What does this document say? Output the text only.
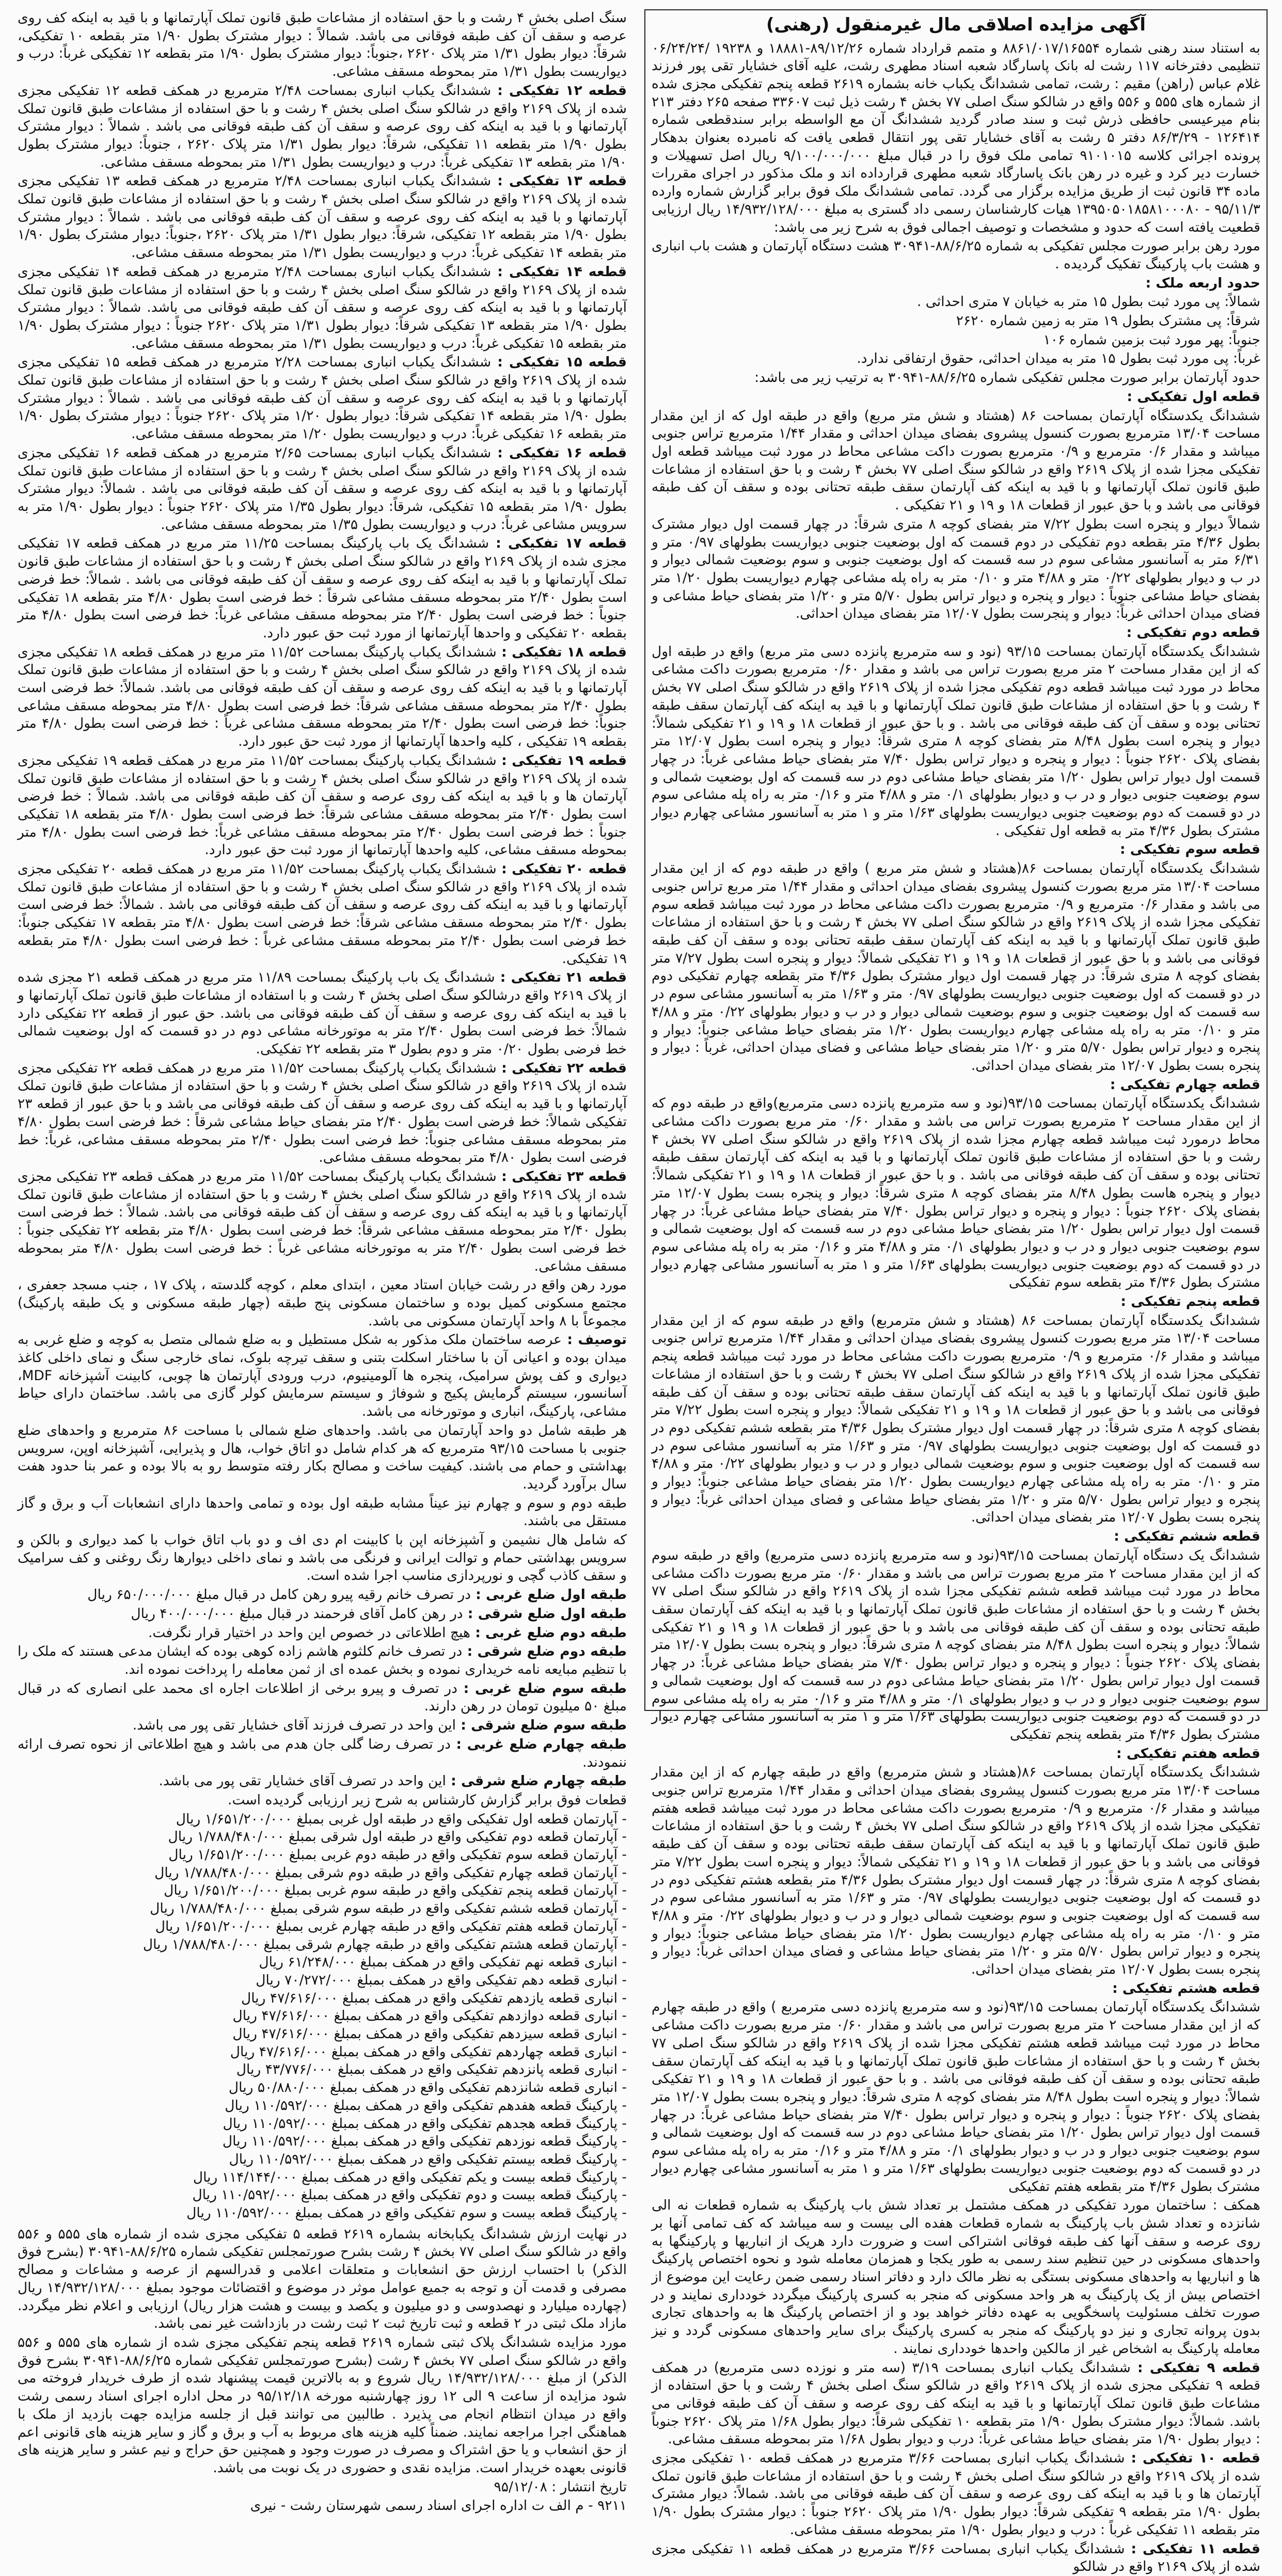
آگهی مزایده اصلاقی مال غیرمنقول (رهنی)

به استناد سند رهنی شماره ۸۸۶۱/۰۱۷/۱۶۵۵۴ و متمم قرارداد شماره ۸۹/۱۲/۲۶-۱۸۸۸۱ و ۱۹۲۳۸ /۰۶/۲۴/۲۴ تنظیمی دفترخانه ۱۱۷ رشت له بانک پاسارگاد شعبه اسناد مطهری رشت، علیه آقای خشایار تقی پور فرزند غلام عباس (راهن) مقیم : رشت، تمامی ششدانگ یکباب خانه بشماره ۲۶۱۹ قطعه پنجم تفکیکی مجزی شده از شماره های ۵۵۵ و ۵۵۶ واقع در شالکو سنگ اصلی ۷۷ بخش ۴ رشت ذیل ثبت ۳۳۶۰۷ صفحه ۲۶۵ دفتر ۲۱۳ بنام میرعیسی حافظی ذرش ثبت و سند صادر گردید ششدانگ آن مع الواسطه برابر سندقطعی شماره ۱۲۶۴۱۴ - ۸۶/۳/۲۹ دفتر ۵ رشت به آقای خشایار تقی پور انتقال قطعی یافت که نامبرده بعنوان بدهکار پرونده اجرائی کلاسه ۹۱۰۱۰۱۵ تمامی ملک فوق را در قبال مبلغ ۹/۱۰۰/۰۰۰/۰۰۰ ریال اصل تسهیلات و خسارت دیر کرد و غیره در رهن بانک پاسارگاد شعبه مطهری قرارداده اند و ملک مذکور در اجرای مقررات ماده ۳۴ قانون ثبت از طریق مزایده برگزار می گردد. تمامی ششدانگ ملک فوق برابر گزارش شماره وارده ۹۵/۱۱/۳ - ۱۳۹۵۰۵۰۱۸۵۸۱۰۰۰۸۰ هیات کارشناسان رسمی داد گستری به مبلغ ۱۴/۹۳۲/۱۲۸/۰۰۰ ریال ارزیابی قطعیت یافته است که حدود و مشخصات و توصیف اجمالی فوق به شرح زیر می باشد:

مورد رهن برابر صورت مجلس تفکیکی به شماره ۸۸/۶/۲۵-۳۰۹۴۱ هشت دستگاه آپارتمان و هشت باب انباری و هشت باب پارکینگ تفکیک گردیده .

حدود اربعه ملک :

شمالاً: پی مورد ثبت بطول ۱۵ متر به خیابان ۷ متری احداثی .

شرقاً: پی مشترک بطول ۱۹ متر به زمین شماره ۲۶۲۰

جنوباً: پهر مورد ثبت بزمین شماره ۱۰۶

غرباً: پی مورد ثبت بطول ۱۵ متر به میدان احداثی، حقوق ارتفاقی ندارد.

حدود آپارتمان برابر صورت مجلس تفکیکی شماره ۸۸/۶/۲۵-۳۰۹۴۱ به ترتیب زیر می باشد:

قطعه اول تفکیکی :

ششدانگ یکدستگاه آپارتمان بمساحت ۸۶ (هشتاد و شش متر مربع) واقع در طبقه اول که از این مقدار مساحت ۱۳/۰۴ مترمربع بصورت کنسول پیشروی بفضای میدان احداثی و مقدار ۱/۴۴ مترمربع تراس جنوبی میباشد و مقدار ۰/۶ مترمربع و ۰/۹ مترمربع بصورت داکت مشاعی محاط در مورد ثبت میباشد قطعه اول تفکیکی مجزا شده از پلاک ۲۶۱۹ واقع در شالکو سنگ اصلی ۷۷ بخش ۴ رشت و با حق استفاده از مشاعات طبق قانون تملک آپارتمانها و با قید به اینکه کف آپارتمان سقف طبقه تحتانی بوده و سقف آن کف طبقه فوقانی می باشد و با حق عبور از قطعات ۱۸ و ۱۹ و ۲۱ تفکیکی .

شمالاً دیوار و پنجره است بطول ۷/۲۲ متر بفضای کوچه ۸ متری شرقاً: در چهار قسمت اول دیوار مشترک بطول ۴/۳۶ متر بقطعه دوم تفکیکی در دوم قسمت که اول بوضعیت جنوبی دیواریست بطولهای ۰/۹۷ متر و ۶/۳۱ متر به آسانسور مشاعی سوم در سه قسمت که اول بوضعیت جنوبی و سوم بوضعیت شمالی دیوار و در ب و دیوار بطولهای ۰/۲۲ متر و ۴/۸۸ متر و ۰/۱۰ متر به راه پله مشاعی چهارم دیواریست بطول ۱/۲۰ متر بفضای حیاط مشاعی جنوباً : دیوار و پنجره و دیوار تراس بطول ۵/۷۰ متر و ۱/۲۰ متر بفضای حیاط مشاعی و فضای میدان احداثی غرباً: دیوار و پنجرست بطول ۱۲/۰۷ متر بفضای میدان احداثی.

قطعه دوم تفکیکی :

ششدانگ یکدستگاه آپارتمان بمساحت ۹۳/۱۵ (نود و سه مترمربع پانزده دسی متر مربع) واقع در طبقه اول که از این مقدار مساحت ۲ متر مربع بصورت تراس می باشد و مقدار ۰/۶۰ مترمربع بصورت داکت مشاعی محاط در مورد ثبت میباشد قطعه دوم تفکیکی مجزا شده از پلاک ۲۶۱۹ واقع در شالکو سنگ اصلی ۷۷ بخش ۴ رشت و با حق استفاده از مشاعات طبق قانون تملک آپارتمانها و با قید به اینکه کف آپارتمان سقف طبقه تحتانی بوده و سقف آن کف طبقه فوقانی می باشد . و با حق عبور از قطعات ۱۸ و ۱۹ و ۲۱ تفکیکی شمالاً: دیوار و پنجره است بطول ۸/۴۸ متر بفضای کوچه ۸ متری شرقاً: دیوار و پنجره است بطول ۱۲/۰۷ متر بفضای پلاک ۲۶۲۰ جنوباً : دیوار و پنجره و دیوار تراس بطول ۷/۴۰ متر بفضای حیاط مشاعی غرباً: در چهار قسمت اول دیوار تراس بطول ۱/۲۰ متر بفضای حیاط مشاعی دوم در سه قسمت که اول بوضعیت شمالی و سوم بوضعیت جنوبی دیوار و در ب و دیوار بطولهای ۰/۱ متر و ۴/۸۸ متر و ۰/۱۶ متر به راه پله مشاعی سوم در دو قسمت که دوم بوضعیت جنوبی دیواریست بطولهای ۱/۶۳ متر و ۱ متر به آسانسور مشاعی چهارم دیوار مشترک بطول ۴/۳۶ متر به قطعه اول تفکیکی .

قطعه سوم تفکیکی :

ششدانگ یکدستگاه آپارتمان بمساحت ۸۶(هشتاد و شش متر مربع ) واقع در طبقه دوم که از این مقدار مساحت ۱۳/۰۴ متر مربع بصورت کنسول پیشروی بفضای میدان احداثی و مقدار ۱/۴۴ متر مربع تراس جنوبی می باشد و مقدار ۰/۶ مترمربع و ۰/۹ مترمربع بصورت داکت مشاعی محاط در مورد ثبت میباشد قطعه سوم تفکیکی مجزا شده از پلاک ۲۶۱۹ واقع در شالکو سنگ اصلی ۷۷ بخش ۴ رشت و با حق استفاده از مشاعات طبق قانون تملک آپارتمانها و با قید به اینکه کف آپارتمان سقف طبقه تحتانی بوده و سقف آن کف طبقه فوقانی می باشد و با حق عبور از قطعات ۱۸ و ۱۹ و ۲۱ تفکیکی شمالاً: دیوار و پنجره است بطول ۷/۲۷ متر بفضای کوچه ۸ متری شرقاً: در چهار قسمت اول دیوار مشترک بطول ۴/۳۶ متر بقطعه چهارم تفکیکی دوم در دو قسمت که اول بوضعیت جنوبی دیواریست بطولهای ۰/۹۷ متر و ۱/۶۳ متر به آسانسور مشاعی سوم در سه قسمت که اول بوضعیت جنوبی و سوم بوضعیت شمالی دیوار و در ب و دیوار بطولهای ۰/۲۲ متر و ۴/۸۸ متر و ۰/۱۰ متر به راه پله مشاعی چهارم دیواریست بطول ۱/۲۰ متر بفضای حیاط مشاعی جنوباً: دیوار و پنجره و دیوار تراس بطول ۵/۷۰ متر و ۱/۲۰ متر بفضای حیاط مشاعی و فضای میدان احداثی، غرباً : دیوار و پنجره بست بطول ۱۲/۰۷ متر بفضای میدان احداثی.

قطعه چهارم تفکیکی :

ششدانگ یکدستگاه آپارتمان بمساحت ۹۳/۱۵(نود و سه مترمربع پانزده دسی مترمربع)واقع در طبقه دوم که از این مقدار مساحت ۲ مترمربع بصورت تراس می باشد و مقدار ۰/۶۰ متر مربع بصورت داکت مشاعی محاط درمورد ثبت میباشد قطعه چهارم مجزا شده از پلاک ۲۶۱۹ واقع در شالکو سنگ اصلی ۷۷ بخش ۴ رشت و با حق استفاده از مشاعات طبق قانون تملک آپارتمانها و با قید به اینکه کف آپارتمان سقف طبقه تحتانی بوده و سقف آن کف طبقه فوقانی می باشد . و با حق عبور از قطعات ۱۸ و ۱۹ و ۲۱ تفکیکی شمالاً: دیوار و پنجره هاست بطول ۸/۴۸ متر بفضای کوچه ۸ متری شرقاً: دیوار و پنجره بست بطول ۱۲/۰۷ متر بفضای پلاک ۲۶۲۰ جنوباً : دیوار و پنجره و دیوار تراس بطول ۷/۴۰ متر بفضای حیاط مشاعی غرباً: در چهار قسمت اول دیوار تراس بطول ۱/۲۰ متر بفضای حیاط مشاعی دوم در سه قسمت که اول بوضعیت شمالی و سوم بوضعیت جنوبی دیوار و در ب و دیوار بطولهای ۰/۱ متر و ۴/۸۸ متر و ۰/۱۶ متر به راه پله مشاعی سوم در دو قسمت که دوم بوضعیت جنوبی دیواریست بطولهای ۱/۶۳ متر و ۱ متر به آسانسور مشاعی چهارم دیوار مشترک بطول ۴/۳۶ متر بقطعه سوم تفکیکی

قطعه پنجم تفکیکی :

ششدانگ یکدستگاه آپارتمان بمساحت ۸۶ (هشتاد و شش مترمربع) واقع در طبقه سوم که از این مقدار مساحت ۱۳/۰۴ متر مربع بصورت کنسول پیشروی بفضای میدان احداثی و مقدار ۱/۴۴ مترمربع تراس جنوبی میباشد و مقدار ۰/۶ مترمربع و ۰/۹ مترمربع بصورت داکت مشاعی محاط در مورد ثبت میباشد قطعه پنجم تفکیکی مجزا شده از پلاک ۲۶۱۹ واقع در شالکو سنگ اصلی ۷۷ بخش ۴ رشت و با حق استفاده از مشاعات طبق قانون تملک آپارتمانها و با قید به اینکه کف آپارتمان سقف طبقه تحتانی بوده و سقف آن کف طبقه فوقانی می باشد و با حق عبور از قطعات ۱۸ و ۱۹ و ۲۱ تفکیکی شمالاً: دیوار و پنجره است بطول ۷/۲۲ متر بفضای کوچه ۸ متری شرقاً: در چهار قسمت اول دیوار مشترک بطول ۴/۳۶ متر بقطعه ششم تفکیکی دوم در دو قسمت که اول بوضعیت جنوبی دیواریست بطولهای ۰/۹۷ متر و ۱/۶۳ متر به آسانسور مشاعی سوم در سه قسمت که اول بوضعیت جنوبی و سوم بوضعیت شمالی دیوار و در ب و دیوار بطولهای ۰/۲۲ متر و ۴/۸۸ متر و ۰/۱۰ متر به راه پله مشاعی چهارم دیواریست بطول ۱/۲۰ متر بفضای حیاط مشاعی جنوباً: دیوار و پنجره و دیوار تراس بطول ۵/۷۰ متر و ۱/۲۰ متر بفضای حیاط مشاعی و فضای میدان احداثی غرباً: دیوار و پنجره بست بطول ۱۲/۰۷ متر بفضای میدان احداثی.

قطعه ششم تفکیکی :

ششدانگ یک دستگاه آپارتمان بمساحت ۹۳/۱۵(نود و سه مترمربع پانزده دسی مترمربع) واقع در طبقه سوم که از این مقدار مساحت ۲ متر مربع بصورت تراس می باشد و مقدار ۰/۶۰ متر مربع بصورت داکت مشاعی محاط در مورد ثبت میباشد قطعه ششم تفکیکی مجزا شده از پلاک ۲۶۱۹ واقع در شالکو سنگ اصلی ۷۷ بخش ۴ رشت و با حق استفاده از مشاعات طبق قانون تملک آپارتمانها و با قید به اینکه کف آپارتمان سقف طبقه تحتانی بوده و سقف آن کف طبقه فوقانی می باشد و با حق عبور از قطعات ۱۸ و ۱۹ و ۲۱ تفکیکی شمالاً: دیوار و پنجره است بطول ۸/۴۸ متر بفضای کوچه ۸ متری شرقاً: دیوار و پنجره بست بطول ۱۲/۰۷ متر بفضای پلاک ۲۶۲۰ جنوباً : دیوار و پنجره و دیوار تراس بطول ۷/۴۰ متر بفضای حیاط مشاعی غرباً: در چهار قسمت اول دیوار تراس بطول ۱/۲۰ متر بفضای حیاط مشاعی دوم در سه قسمت که اول بوضعیت شمالی و سوم بوضعیت جنوبی دیوار و در ب و دیوار بطولهای ۰/۱ متر و ۴/۸۸ متر و ۰/۱۶ متر به راه پله مشاعی سوم در دو قسمت که دوم بوضعیت جنوبی دیواریست بطولهای ۱/۶۳ متر و ۱ متر به آسانسور مشاعی چهارم دیوار مشترک بطول ۴/۳۶ متر بقطعه پنجم تفکیکی

قطعه هفتم تفکیکی :

ششدانگ یکدستگاه آپارتمان بمساحت ۸۶(هشتاد و شش مترمربع) واقع در طبقه چهارم که از این مقدار مساحت ۱۳/۰۴ متر مربع بصورت کنسول پیشروی بفضای میدان احداثی و مقدار ۱/۴۴ مترمربع تراس جنوبی میباشد و مقدار ۰/۶ مترمربع و ۰/۹ مترمربع بصورت داکت مشاعی محاط در مورد ثبت میباشد قطعه هفتم تفکیکی مجزا شده از پلاک ۲۶۱۹ واقع در شالکو سنگ اصلی ۷۷ بخش ۴ رشت و با حق استفاده از مشاعات طبق قانون تملک آپارتمانها و با قید به اینکه کف آپارتمان سقف طبقه تحتانی بوده و سقف آن کف طبقه فوقانی می باشد و با حق عبور از قطعات ۱۸ و ۱۹ و ۲۱ تفکیکی شمالاً: دیوار و پنجره است بطول ۷/۲۲ متر بفضای کوچه ۸ متری شرقاً: در چهار قسمت اول دیوار مشترک بطول ۴/۳۶ متر بقطعه هشتم تفکیکی دوم در دو قسمت که اول بوضعیت جنوبی دیواریست بطولهای ۰/۹۷ متر و ۱/۶۳ متر به آسانسور مشاعی سوم در سه قسمت که اول بوضعیت جنوبی و سوم بوضعیت شمالی دیوار و در ب و دیوار بطولهای ۰/۲۲ متر و ۴/۸۸ متر و ۰/۱۰ متر به راه پله مشاعی چهارم دیواریست بطول ۱/۲۰ متر بفضای حیاط مشاعی جنوباً: دیوار و پنجره و دیوار تراس بطول ۵/۷۰ متر و ۱/۲۰ متر بفضای حیاط مشاعی و فضای میدان احداثی غرباً: دیوار و پنجره بست بطول ۱۲/۰۷ متر بفضای میدان احداثی.

قطعه هشتم تفکیکی :

ششدانگ یکدستگاه آپارتمان بمساحت ۹۳/۱۵(نود و سه مترمربع پانزده دسی مترمربع ) واقع در طبقه چهارم که از این مقدار مساحت ۲ متر مربع بصورت تراس می باشد و مقدار ۰/۶۰ متر مربع بصورت داکت مشاعی محاط در مورد ثبت میباشد قطعه هشتم تفکیکی مجزا شده از پلاک ۲۶۱۹ واقع در شالکو سنگ اصلی ۷۷ بخش ۴ رشت و با حق استفاده از مشاعات طبق قانون تملک آپارتمانها و با قید به اینکه کف آپارتمان سقف طبقه تحتانی بوده و سقف آن کف طبقه فوقانی می باشد . و با حق عبور از قطعات ۱۸ و ۱۹ و ۲۱ تفکیکی شمالاً: دیوار و پنجره است بطول ۸/۴۸ متر بفضای کوچه ۸ متری شرقاً: دیوار و پنجره بست بطول ۱۲/۰۷ متر بفضای پلاک ۲۶۲۰ جنوباً : دیوار و پنجره و دیوار تراس بطول ۷/۴۰ متر بفضای حیاط مشاعی غرباً: در چهار قسمت اول دیوار تراس بطول ۱/۲۰ متر بفضای حیاط مشاعی دوم در سه قسمت که اول بوضعیت شمالی و سوم بوضعیت جنوبی دیوار و در ب و دیوار بطولهای ۰/۱ متر و ۴/۸۸ متر و ۰/۱۶ متر به راه پله مشاعی سوم در دو قسمت که دوم بوضعیت جنوبی دیواریست بطولهای ۱/۶۳ متر و ۱ متر به آسانسور مشاعی چهارم دیوار مشترک بطول ۴/۳۶ متر بقطعه هفتم تفکیکی

همکف : ساختمان مورد تفکیکی در همکف مشتمل بر تعداد شش باب پارکینگ به شماره قطعات نه الی شانزده و تعداد شش باب پارکینگ به شماره قطعات هفده الی بیست و سه میباشد که کف تمامی آنها بر روی عرصه و سقف آنها کف طبقه فوقانی اشتراکی است و ضرورت دارد هریک از انباریها و پارکینگها به واحدهای مسکونی در حین تنظیم سند رسمی به طور یکجا و همزمان معامله شود و نحوه اختصاص پارکینگ ها و انباریها به واحدهای مسکونی بستگی به نظر مالک دارد و دفاتر اسناد رسمی ضمن رعایت این موضوع از اختصاص بیش از یک پارکینگ به هر واحد مسکونی که منجر به کسری پارکینگ میگردد خودداری نمایند و در صورت تخلف مسئولیت پاسخگویی به عهده دفاتر خواهد بود و از اختصاص پارکینگ ها به واحدهای تجاری بدون پروانه تجاری و نیز دو پارکینگ که منجر به کسری پارکینگ برای سایر واحدهای مسکونی گردد و نیز معامله پارکینگ به اشخاص غیر از مالکین واحدها خودداری نمایند .

قطعه ۹ تفکیکی : ششدانگ یکباب انباری بمساحت ۳/۱۹ (سه متر و نوزده دسی مترمربع) در همکف قطعه ۹ تفکیکی مجزی شده از پلاک ۲۶۱۹ واقع در شالکو سنگ اصلی بخش ۴ رشت و با حق استفاده از مشاعات طبق قانون تملک آپارتمانها و با قید به اینکه کف روی عرصه و سقف آن کف طبقه فوقانی می باشد. شمالاً: دیوار مشترک بطول ۱/۹۰ متر بقطعه ۱۰ تفکیکی شرقاً: دیوار بطول ۱/۶۸ متر پلاک ۲۶۲۰ جنوباً : دیوار بطول ۱/۹۰ متر بفضای حیاط مشاعی غرباً: درب و دیوار بطول ۱/۶۸ متر بمحوطه مسقف مشاعی.

قطعه ۱۰ تفکیکی : ششدانگ یکباب انباری بمساحت ۳/۶۶ مترمربع در همکف قطعه ۱۰ تفکیکی مجزی شده از پلاک ۲۶۱۹ واقع در شالکو سنگ اصلی بخش ۴ رشت و با حق استفاده از مشاعات طبق قانون تملک آپارتمان ها و با قید به اینکه کف روی عرصه و سقف آن کف طبقه فوقانی می باشد. شمالاً: دیوار مشترک بطول ۱/۹۰ متر بقطعه ۹ تفکیکی شرقاً: دیوار بطول ۱/۹۰ متر پلاک ۲۶۲۰ جنوباً : دیوار مشترک بطول ۱/۹۰ متر بقطعه ۱۱ تفکیکی غرباً : درب و دیوار بطول ۱/۹۰ متر بمحوطه مسقف مشاعی.

قطعه ۱۱ تفکیکی : ششدانگ یکباب انباری بمساحت ۳/۶۶ مترمربع در همکف قطعه ۱۱ تفکیکی مجزی شده از پلاک ۲۱۶۹ واقع در شالکو

سنگ اصلی بخش ۴ رشت و با حق استفاده از مشاعات طبق قانون تملک آپارتمانها و با قید به اینکه کف روی عرصه و سقف آن کف طبقه فوقانی می باشد. شمالاً : دیوار مشترک بطول ۱/۹۰ متر بقطعه ۱۰ تفکیکی، شرقاً: دیوار بطول ۱/۳۱ متر پلاک ۲۶۲۰ ،جنوباً: دیوار مشترک بطول ۱/۹۰ متر بقطعه ۱۲ تفکیکی غرباً: درب و دیواریست بطول ۱/۳۱ متر بمحوطه مسقف مشاعی.

قطعه ۱۲ تفکیکی : ششدانگ یکباب انباری بمساحت ۲/۴۸ مترمربع در همکف قطعه ۱۲ تفکیکی مجزی شده از پلاک ۲۱۶۹ واقع در شالکو سنگ اصلی بخش ۴ رشت و با حق استفاده از مشاعات طبق قانون تملک آپارتمانها و با قید به اینکه کف روی عرصه و سقف آن کف طبقه فوقانی می باشد . شمالاً : دیوار مشترک بطول ۱/۹۰ متر بقطعه ۱۱ تفکیکی، شرقاً: دیوار بطول ۱/۳۱ متر پلاک ۲۶۲۰ ، جنوباً: دیوار مشترک بطول ۱/۹۰ متر بقطعه ۱۳ تفکیکی غرباً: درب و دیواریست بطول ۱/۳۱ متر بمحوطه مسقف مشاعی.

قطعه ۱۳ تفکیکی : ششدانگ یکباب انباری بمساحت ۲/۴۸ مترمربع در همکف قطعه ۱۳ تفکیکی مجزی شده از پلاک ۲۱۶۹ واقع در شالکو سنگ اصلی بخش ۴ رشت و با حق استفاده از مشاعات طبق قانون تملک آپارتمانها و با قید به اینکه کف روی عرصه و سقف آن کف طبقه فوقانی می باشد . شمالاً : دیوار مشترک بطول ۱/۹۰ متر بقطعه ۱۲ تفکیکی، شرقاً: دیوار بطول ۱/۳۱ متر پلاک ۲۶۲۰ ،جنوباً: دیوار مشترک بطول ۱/۹۰ متر بقطعه ۱۴ تفکیکی غرباً: درب و دیواریست بطول ۱/۳۱ متر بمحوطه مسقف مشاعی.

قطعه ۱۴ تفکیکی : ششدانگ یکباب انباری بمساحت ۲/۴۸ مترمربع در همکف قطعه ۱۴ تفکیکی مجزی شده از پلاک ۲۱۶۹ واقع در شالکو سنگ اصلی بخش ۴ رشت و با حق استفاده از مشاعات طبق قانون تملک آپارتمانها و با قید به اینکه کف روی عرصه و سقف آن کف طبقه فوقانی می باشد. شمالاً : دیوار مشترک بطول ۱/۹۰ متر بقطعه ۱۳ تفکیکی شرقاً: دیوار بطول ۱/۳۱ متر پلاک ۲۶۲۰ جنوباً : دیوار مشترک بطول ۱/۹۰ متر بقطعه ۱۵ تفکیکی غرباً: درب و دیواریست بطول ۱/۳۱ متر بمحوطه مسقف مشاعی.

قطعه ۱۵ تفکیکی : ششدانگ یکباب انباری بمساحت ۲/۲۸ مترمربع در همکف قطعه ۱۵ تفکیکی مجزی شده از پلاک ۲۶۱۹ واقع در شالکو سنگ اصلی بخش ۴ رشت و با حق استفاده از مشاعات طبق قانون تملک آپارتمانها و با قید به اینکه کف روی عرصه و سقف آن کف طبقه فوقانی می باشد . شمالاً : دیوار مشترک بطول ۱/۹۰ متر بقطعه ۱۴ تفکیکی شرقاً: دیوار بطول ۱/۲۰ متر پلاک ۲۶۲۰ جنوباً : دیوار مشترک بطول ۱/۹۰ متر بقطعه ۱۶ تفکیکی غرباً: درب و دیواریست بطول ۱/۲۰ متر بمحوطه مسقف مشاعی.

قطعه ۱۶ تفکیکی : ششدانگ یکباب انباری بمساحت ۲/۶۵ مترمربع در همکف قطعه ۱۶ تفکیکی مجزی شده از پلاک ۲۱۶۹ واقع در شالکو سنگ اصلی بخش ۴ رشت و با حق استفاده از مشاعات طبق قانون تملک آپارتمانها و با قید به اینکه کف روی عرصه و سقف آن کف طبقه فوقانی می باشد . شمالاً: دیوار مشترک بطول ۱/۹۰ متر بقطعه ۱۵ تفکیکی، شرقاً: دیوار بطول ۱/۳۵ متر پلاک ۲۶۲۰ جنوباً : دیوار بطول ۱/۹۰ متر به سرویس مشاعی غرباً: درب و دیواریست بطول ۱/۳۵ متر بمحوطه مسقف مشاعی.

قطعه ۱۷ تفکیکی : ششدانگ یک باب پارکینگ بمساحت ۱۱/۲۵ متر مربع در همکف قطعه ۱۷ تفکیکی مجزی شده از پلاک ۲۱۶۹ واقع در شالکو سنگ اصلی بخش ۴ رشت و با حق استفاده از مشاعات طبق قانون تملک آپارتمانها و با قید به اینکه کف روی عرصه و سقف آن کف طبقه فوقانی می باشد . شمالاً: خط فرضی است بطول ۲/۴۰ متر بمحوطه مسقف مشاعی شرقاً : خط فرضی است بطول ۴/۸۰ متر بقطعه ۱۸ تفکیکی جنوباً : خط فرضی است بطول ۲/۴۰ متر بمحوطه مسقف مشاعی غرباً: خط فرضی است بطول ۴/۸۰ متر بقطعه ۲۰ تفکیکی و واحدها آپارتمانها از مورد ثبت حق عبور دارد.

قطعه ۱۸ تفکیکی : ششدانگ یکباب پارکینگ بمساحت ۱۱/۵۲ متر مربع در همکف قطعه ۱۸ تفکیکی مجزی شده از پلاک ۲۱۶۹ واقع در شالکو سنگ اصلی بخش ۴ رشت و با حق استفاده از مشاعات طبق قانون تملک آپارتمانها و با قید به اینکه کف روی عرصه و سقف آن کف طبقه فوقانی می باشد. شمالاً: خط فرضی است بطول ۲/۴۰ متر بمحوطه مسقف مشاعی شرقاً: خط فرضی است بطول ۴/۸۰ متر بمحوطه مسقف مشاعی جنوباً: خط فرضی است بطول ۲/۴۰ متر بمحوطه مسقف مشاعی غرباً : خط فرضی است بطول ۴/۸۰ متر بقطعه ۱۹ تفکیکی ، کلیه واحدها آپارتمانها از مورد ثبت حق عبور دارد.

قطعه ۱۹ تفکیکی : ششدانگ یکباب پارکینگ بمساحت ۱۱/۵۲ متر مربع در همکف قطعه ۱۹ تفکیکی مجزی شده از پلاک ۲۱۶۹ واقع در شالکو سنگ اصلی بخش ۴ رشت و با حق استفاده از مشاعات طبق قانون تملک آپارتمان ها و با قید به اینکه کف روی عرصه و سقف آن کف طبقه فوقانی می باشد. شمالاً : خط فرضی است بطول ۲/۴۰ متر بمحوطه مسقف مشاعی شرقاً: خط فرضی است بطول ۴/۸۰ متر بقطعه ۱۸ تفکیکی جنوباً : خط فرضی است بطول ۲/۴۰ متر بمحوطه مسقف مشاعی غرباً: خط فرضی است بطول ۴/۸۰ متر بمحوطه مسقف مشاعی، کلیه واحدها آپارتمانها از مورد ثبت حق عبور دارد.

قطعه ۲۰ تفکیکی : ششدانگ یکباب پارکینگ بمساحت ۱۱/۵۲ متر مربع در همکف قطعه ۲۰ تفکیکی مجزی شده از پلاک ۲۱۶۹ واقع در شالکو سنگ اصلی بخش ۴ رشت و با حق استفاده از مشاعات طبق قانون تملک آپارتمانها و با قید به اینکه کف روی عرصه و سقف آن کف طبقه فوقانی می باشد . شمالاً: خط فرضی است بطول ۲/۴۰ متر بمحوطه مسقف مشاعی شرقاً: خط فرضی است بطول ۴/۸۰ متر بقطعه ۱۷ تفکیکی جنوباً: خط فرضی است بطول ۲/۴۰ متر بمحوطه مسقف مشاعی غرباً : خط فرضی است بطول ۴/۸۰ متر بقطعه ۱۹ تفکیکی.

قطعه ۲۱ تفکیکی : ششدانگ یک باب پارکینگ بمساحت ۱۱/۸۹ متر مربع در همکف قطعه ۲۱ مجزی شده از پلاک ۲۶۱۹ واقع درشالکو سنگ اصلی بخش ۴ رشت و با استفاده از مشاعات طبق قانون تملک آپارتمانها و با قید به اینکه کف روی عرصه و سقف آن کف طبقه فوقانی می باشد. حق عبور از قطعه ۲۲ تفکیکی دارد شمالاً: خط فرضی است بطول ۲/۴۰ متر به موتورخانه مشاعی دوم در دو قسمت که اول بوضعیت شمالی خط فرضی بطول ۰/۲۰ متر و دوم بطول ۳ متر بقطعه ۲۲ تفکیکی.

قطعه ۲۲ تفکیکی : ششدانگ یکباب پارکینگ بمساحت ۱۱/۵۲ متر مربع در همکف قطعه ۲۲ تفکیکی مجزی شده از پلاک ۲۶۱۹ واقع در شالکو سنگ اصلی بخش ۴ رشت و با حق استفاده از مشاعات طبق قانون تملک آپارتمانها و با قید به اینکه کف روی عرصه و سقف آن کف طبقه فوقانی می باشد و با حق عبور از قطعه ۲۳ تفکیکی شمالاً: خط فرضی است بطول ۲/۴۰ متر بفضای حیاط مشاعی شرقاً : خط فرضی است بطول ۴/۸۰ متر بمحوطه مسقف مشاعی جنوباً: خط فرضی است بطول ۲/۴۰ متر بمحوطه مسقف مشاعی، غرباً: خط فرضی است بطول ۴/۸۰ متر بمحوطه مسقف مشاعی.

قطعه ۲۳ تفکیکی : ششدانگ یکباب پارکینگ بمساحت ۱۱/۵۲ متر مربع در همکف قطعه ۲۳ تفکیکی مجزی شده از پلاک ۲۶۱۹ واقع در شالکو سنگ اصلی بخش ۴ رشت و با حق استفاده از مشاعات طبق قانون تملک آپارتمانها و با قید به اینکه کف روی عرصه و سقف آن کف طبقه فوقانی می باشد. شمالاً : خط فرضی است بطول ۲/۴۰ متر بمحوطه مسقف مشاعی شرقاً: خط فرضی است بطول ۴/۸۰ متر بقطعه ۲۲ تفکیکی جنوباً : خط فرضی است بطول ۲/۴۰ متر به موتورخانه مشاعی غرباً : خط فرضی است بطول ۴/۸۰ متر بمحوطه مسقف مشاعی.

مورد رهن واقع در رشت خیابان استاد معین ، ابتدای معلم ، کوچه گلدسته ، پلاک ۱۷ ، جنب مسجد جعفری ، مجتمع مسکونی کمیل بوده و ساختمان مسکونی پنج طبقه (چهار طبقه مسکونی و یک طبقه پارکینگ) مجموعاً با ۸ واحد آپارتمان مسکونی می باشد.

توصیف : عرصه ساختمان ملک مذکور به شکل مستطیل و به ضلع شمالی متصل به کوچه و ضلع غربی به میدان بوده و اعیانی آن با ساختار اسکلت بتنی و سقف تیرچه بلوک، نمای خارجی سنگ و نمای داخلی کاغذ دیواری و کف پوش سرامیک، پنجره ها آلومینیوم، درب ورودی آپارتمان ها چوبی، کابینت آشپزخانه MDF، آسانسور، سیستم گرمایش پکیج و شوفاژ و سیستم سرمایش کولر گازی می باشد. ساختمان دارای حیاط مشاعی، پارکینگ، انباری و موتورخانه می باشد.

هر طبقه شامل دو واحد آپارتمان می باشد. واحدهای ضلع شمالی با مساحت ۸۶ مترمربع و واحدهای ضلع جنوبی با مساحت ۹۳/۱۵ مترمربع که هر کدام شامل دو اتاق خواب، هال و پذیرایی، آشپزخانه اوپن، سرویس بهداشتی و حمام می باشند. کیفیت ساخت و مصالح بکار رفته متوسط رو به بالا بوده و عمر بنا حدود هفت سال برآورد گردید.

طبقه دوم و سوم و چهارم نیز عیناً مشابه طبقه اول بوده و تمامی واحدها دارای انشعابات آب و برق و گاز مستقل می باشند.

که شامل هال نشیمن و آشپزخانه اپن با کابینت ام دی اف و دو باب اتاق خواب با کمد دیواری و بالکن و سرویس بهداشتی حمام و توالت ایرانی و فرنگی می باشد و نمای داخلی دیوارها رنگ روغنی و کف سرامیک و سقف کاذب گچی و نورپردازی مناسب اجرا شده است.

طبقه اول ضلع غربی : در تصرف خانم رقیه پیرو رهن کامل در قبال مبلغ ۶۵۰/۰۰۰/۰۰۰ ریال

طبقه اول ضلع شرقی : در رهن کامل آقای فرحمند در قبال مبلغ ۴۰۰/۰۰۰/۰۰۰ ریال

طبقه دوم ضلع غربی : هیچ اطلاعاتی در خصوص این واحد در اختیار قرار نگرفت.

طبقه دوم ضلع شرقی : در تصرف خانم کلثوم هاشم زاده کوهی بوده که ایشان مدعی هستند که ملک را با تنظیم مبایعه نامه خریداری نموده و بخش عمده ای از ثمن معامله را پرداخت نموده اند.

طبقه سوم ضلع غربی : در تصرف و پیرو برخی از اطلاعات اجاره ای محمد علی انصاری که در قبال مبلغ ۵۰ میلیون تومان در رهن دارند.

طبقه سوم ضلع شرقی : این واحد در تصرف فرزند آقای خشایار تقی پور می باشد.

طبقه چهارم ضلع غربی : در تصرف رضا گلی جان هدم می باشد و هیچ اطلاعاتی از نحوه تصرف ارائه ننمودند.

طبقه چهارم ضلع شرقی : این واحد در تصرف آقای خشایار تقی پور می باشد.

قطعات فوق برابر گزارش کارشناس به شرح زیر ارزیابی گردیده است.

- آپارتمان قطعه اول تفکیکی واقع در طبقه اول غربی بمبلغ ۱/۶۵۱/۲۰۰/۰۰۰ ریال

- آپارتمان قطعه دوم تفکیکی واقع در طبقه اول شرقی بمبلغ ۱/۷۸۸/۴۸۰/۰۰۰ ریال

- آپارتمان قطعه سوم تفکیکی واقع در طبقه دوم غربی بمبلغ ۱/۶۵۱/۲۰۰/۰۰۰ ریال

- آپارتمان قطعه چهارم تفکیکی واقع در طبقه دوم شرقی بمبلغ ۱/۷۸۸/۴۸۰/۰۰۰ ریال

- آپارتمان قطعه پنجم تفکیکی واقع در طبقه سوم غربی بمبلغ ۱/۶۵۱/۲۰۰/۰۰۰ ریال

- آپارتمان قطعه ششم تفکیکی واقع در طبقه سوم شرقی بمبلغ ۱/۷۸۸/۴۸۰/۰۰۰ ریال

- آپارتمان قطعه هفتم تفکیکی واقع در طبقه چهارم غربی بمبلغ ۱/۶۵۱/۲۰۰/۰۰۰ ریال

- آپارتمان قطعه هشتم تفکیکی واقع در طبقه چهارم شرقی بمبلغ ۱/۷۸۸/۴۸۰/۰۰۰ ریال

- انباری قطعه نهم تفکیکی واقع در همکف بمبلغ ۶۱/۲۴۸/۰۰۰ ریال

- انباری قطعه دهم تفکیکی واقع در همکف بمبلغ ۷۰/۲۷۲/۰۰۰ ریال

- انباری قطعه یازدهم تفکیکی واقع در همکف بمبلغ ۴۷/۶۱۶/۰۰۰ ریال

- انباری قطعه دوازدهم تفکیکی واقع در همکف بمبلغ ۴۷/۶۱۶/۰۰۰ ریال

- انباری قطعه سیزدهم تفکیکی واقع در همکف بمبلغ ۴۷/۶۱۶/۰۰۰ ریال

- انباری قطعه چهاردهم تفکیکی واقع در همکف بمبلغ ۴۷/۶۱۶/۰۰۰ ریال

- انباری قطعه پانزدهم تفکیکی واقع در همکف بمبلغ ۴۳/۷۷۶/۰۰۰ ریال

- انباری قطعه شانزدهم تفکیکی واقع در همکف بمبلغ ۵۰/۸۸۰/۰۰۰ ریال

- پارکینگ قطعه هفدهم تفکیکی واقع در همکف بمبلغ ۱۱۰/۵۹۲/۰۰۰ ریال

- پارکینگ قطعه هجدهم تفکیکی واقع در همکف بمبلغ ۱۱۰/۵۹۲/۰۰۰ ریال

- پارکینگ قطعه نوزدهم تفکیکی واقع در همکف بمبلغ ۱۱۰/۵۹۲/۰۰۰ ریال

- پارکینگ قطعه بیستم تفکیکی واقع در همکف بمبلغ ۱۱۰/۵۹۲/۰۰۰ ریال

- پارکینگ قطعه بیست و یکم تفکیکی واقع در همکف بمبلغ ۱۱۴/۱۴۴/۰۰۰ ریال

- پارکینگ قطعه بیست و دوم تفکیکی واقع در همکف بمبلغ ۱۱۰/۵۹۲/۰۰۰ ریال

- پارکینگ قطعه بیست و سوم تفکیکی واقع در همکف بمبلغ ۱۱۰/۵۹۲/۰۰۰ ریال

در نهایت ارزش ششدانگ یکبابخانه بشماره ۲۶۱۹ قطعه ۵ تفکیکی مجزی شده از شماره های ۵۵۵ و ۵۵۶ واقع در شالکو سنگ اصلی ۷۷ بخش ۴ رشت بشرح صورتمجلس تفکیکی شماره ۸۸/۶/۲۵-۳۰۹۴۱ (بشرح فوق الذکر) با احتساب ارزش حق انشعابات و متعلقات اعلامی و قدرالسهم از عرصه و مشاعات و مصالح مصرفی و قدمت آن و توجه به جمیع عوامل موثر در موضوع و اقتضائات موجود بمبلغ ۱۴/۹۳۲/۱۲۸/۰۰۰ ریال (چهارده میلیارد و نهصدوسی و دو میلیون و یکصد و بیست و هشت هزار ریال) ارزیابی و اعلام نظر میگردد. مازاد ملک ثبتی در ۲ قطعه و ثبت تاریخ ثبت ۲ ثبت رشت در بازداشت غیر نمی باشد.

مورد مزایده ششدانگ پلاک ثبتی شماره ۲۶۱۹ قطعه پنجم تفکیکی مجزی شده از شماره های ۵۵۵ و ۵۵۶ واقع در شالکو سنگ اصلی ۷۷ بخش ۴ رشت (بشرح صورتمجلس تفکیکی شماره ۸۸/۶/۲۵-۳۰۹۴۱ بشرح فوق الذکر) از مبلغ ۱۴/۹۳۲/۱۲۸/۰۰۰ ریال شروع و به بالاترین قیمت پیشنهاد شده از طرف خریدار فروخته می شود مزایده از ساعت ۹ الی ۱۲ روز چهارشنبه مورخه ۹۵/۱۲/۱۸ در محل اداره اجرای اسناد رسمی رشت واقع در میدان انتظام انجام می پذیرد . طالبین می توانند قبل از جلسه مزایده جهت بازدید از ملک با هماهنگی اجرا مراجعه نمایند. ضمناً کلیه هزینه های مربوط به آب و برق و گاز و سایر هزینه های قانونی اعم از حق انشعاب و یا حق اشتراک و مصرف در صورت وجود و همچنین حق حراج و نیم عشر و سایر هزینه های قانونی بعهده خریدار است. مزایده نقدی و حضوری در یک نوبت می باشد.

تاریخ انتشار : ۹۵/۱۲/۰۸

۹۲۱۱ - م الف ت اداره اجرای اسناد رسمی شهرستان رشت - نیری
